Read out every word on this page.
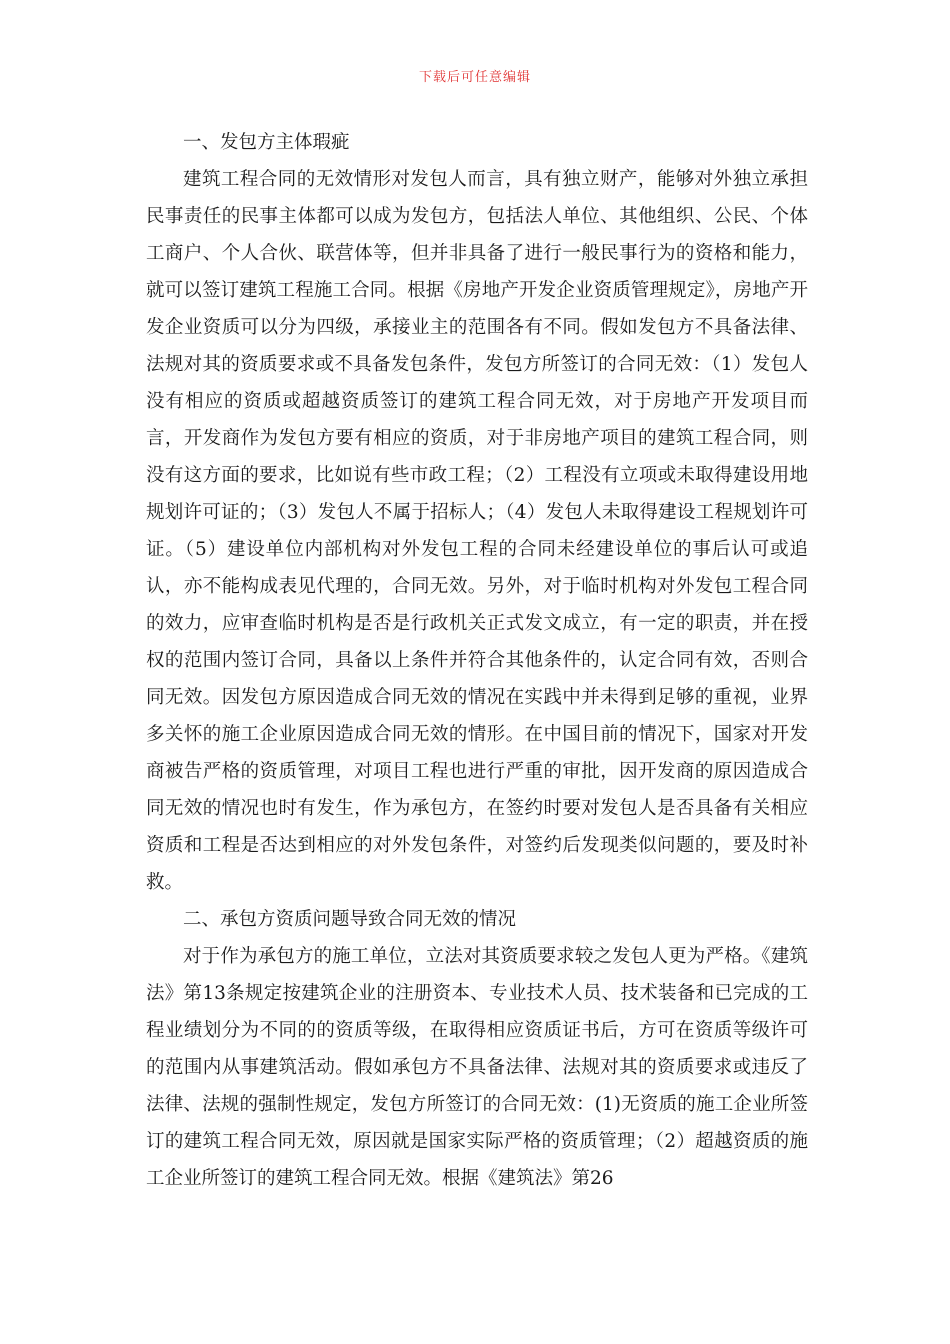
下载后可任意编辑
一、发包方主体瑕疵

建筑工程合同的无效情形对发包人而言，具有独立财产，能够对外独立承担民事责任的民事主体都可以成为发包方，包括法人单位、其他组织、公民、个体工商户、个人合伙、联营体等，但并非具备了进行一般民事行为的资格和能力，就可以签订建筑工程施工合同。根据《房地产开发企业资质管理规定》，房地产开发企业资质可以分为四级，承接业主的范围各有不同。假如发包方不具备法律、法规对其的资质要求或不具备发包条件，发包方所签订的合同无效：（1）发包人没有相应的资质或超越资质签订的建筑工程合同无效，对于房地产开发项目而言，开发商作为发包方要有相应的资质，对于非房地产项目的建筑工程合同，则没有这方面的要求，比如说有些市政工程；（2）工程没有立项或未取得建设用地规划许可证的；（3）发包人不属于招标人；（4）发包人未取得建设工程规划许可证。（5）建设单位内部机构对外发包工程的合同未经建设单位的事后认可或追认，亦不能构成表见代理的，合同无效。另外，对于临时机构对外发包工程合同的效力，应审查临时机构是否是行政机关正式发文成立，有一定的职责，并在授权的范围内签订合同，具备以上条件并符合其他条件的，认定合同有效，否则合同无效。因发包方原因造成合同无效的情况在实践中并未得到足够的重视，业界多关怀的施工企业原因造成合同无效的情形。在中国目前的情况下，国家对开发商被告严格的资质管理，对项目工程也进行严重的审批，因开发商的原因造成合同无效的情况也时有发生，作为承包方，在签约时要对发包人是否具备有关相应资质和工程是否达到相应的对外发包条件，对签约后发现类似问题的，要及时补救。

二、承包方资质问题导致合同无效的情况

对于作为承包方的施工单位，立法对其资质要求较之发包人更为严格。《建筑法》第13条规定按建筑企业的注册资本、专业技术人员、技术装备和已完成的工程业绩划分为不同的的资质等级，在取得相应资质证书后，方可在资质等级许可的范围内从事建筑活动。假如承包方不具备法律、法规对其的资质要求或违反了法律、法规的强制性规定，发包方所签订的合同无效：(1)无资质的施工企业所签订的建筑工程合同无效，原因就是国家实际严格的资质管理；（2）超越资质的施工企业所签订的建筑工程合同无效。根据《建筑法》第26
